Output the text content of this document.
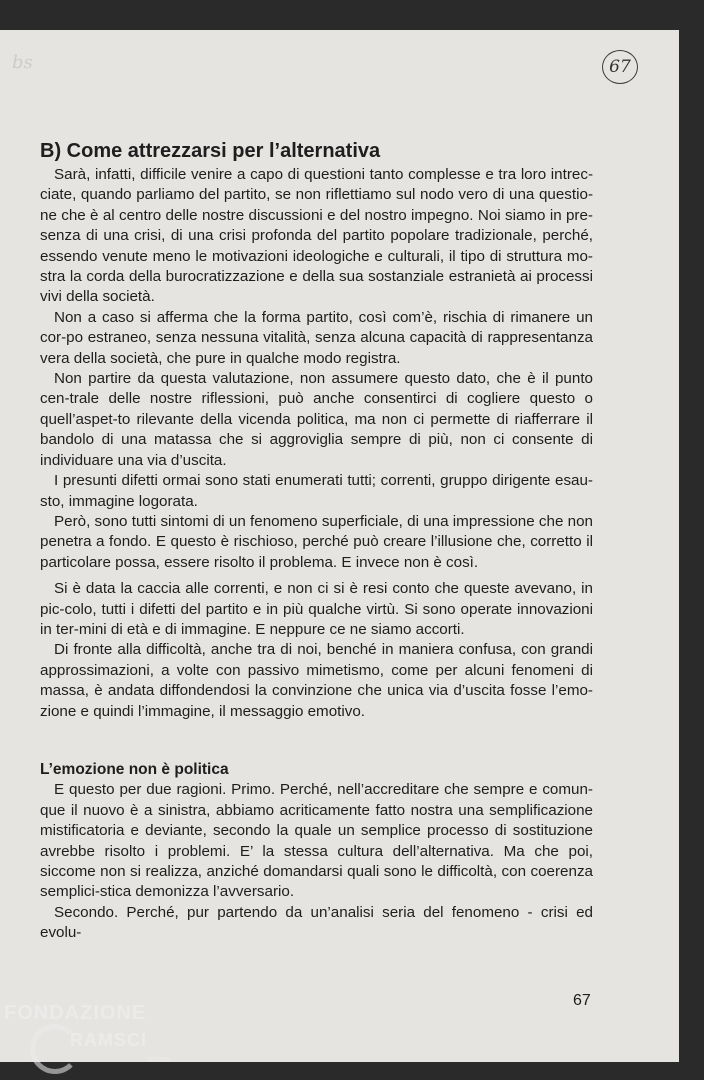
bs	67
B) Come attrezzarsi per l’alternativa

Sarà, infatti, difficile venire a capo di questioni tanto complesse e tra loro intrec-ciate, quando parliamo del partito, se non riflettiamo sul nodo vero di una questio-ne che è al centro delle nostre discussioni e del nostro impegno. Noi siamo in pre-senza di una crisi, di una crisi profonda del partito popolare tradizionale, perché, essendo venute meno le motivazioni ideologiche e culturali, il tipo di struttura mo-stra la corda della burocratizzazione e della sua sostanziale estranietà ai processi vivi della società.

Non a caso si afferma che la forma partito, così com’è, rischia di rimanere un cor-po estraneo, senza nessuna vitalità, senza alcuna capacità di rappresentanza vera della società, che pure in qualche modo registra.

Non partire da questa valutazione, non assumere questo dato, che è il punto cen-trale delle nostre riflessioni, può anche consentirci di cogliere questo o quell’aspet-to rilevante della vicenda politica, ma non ci permette di riafferrare il bandolo di una matassa che si aggroviglia sempre di più, non ci consente di individuare una via d’uscita.

I presunti difetti ormai sono stati enumerati tutti; correnti, gruppo dirigente esau-sto, immagine logorata.

Però, sono tutti sintomi di un fenomeno superficiale, di una impressione che non penetra a fondo. E questo è rischioso, perché può creare l’illusione che, corretto il particolare possa, essere risolto il problema. E invece non è così.

Si è data la caccia alle correnti, e non ci si è resi conto che queste avevano, in pic-colo, tutti i difetti del partito e in più qualche virtù. Si sono operate innovazioni in ter-mini di età e di immagine. E neppure ce ne siamo accorti.

Di fronte alla difficoltà, anche tra di noi, benché in maniera confusa, con grandi approssimazioni, a volte con passivo mimetismo, come per alcuni fenomeni di massa, è andata diffondendosi la convinzione che unica via d’uscita fosse l’emo-zione e quindi l’immagine, il messaggio emotivo.

L’emozione non è politica

E questo per due ragioni. Primo. Perché, nell’accreditare che sempre e comun-que il nuovo è a sinistra, abbiamo acriticamente fatto nostra una semplificazione mistificatoria e deviante, secondo la quale un semplice processo di sostituzione avrebbe risolto i problemi. E’ la stessa cultura dell’alternativa. Ma che poi, siccome non si realizza, anziché domandarsi quali sono le difficoltà, con coerenza semplici-stica demonizza l’avversario.

Secondo. Perché, pur partendo da un’analisi seria del fenomeno - crisi ed evolu-

67
FONDAZIONE
RAMSCI
onlus
